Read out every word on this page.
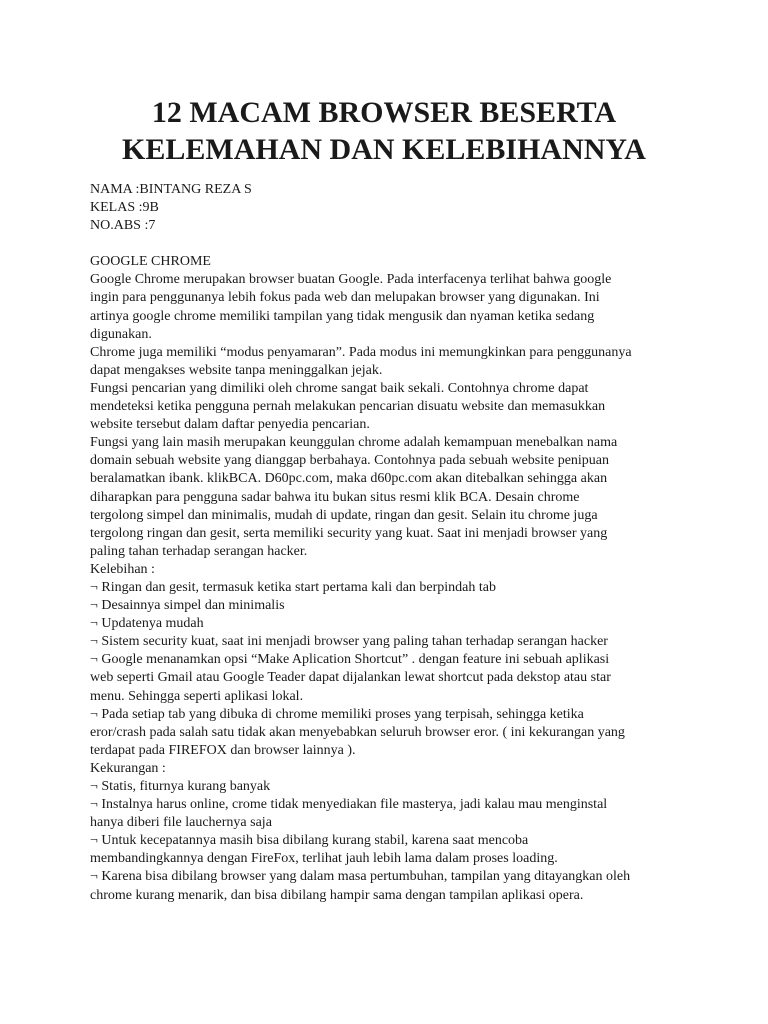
12 MACAM BROWSER BESERTA
KELEMAHAN DAN KELEBIHANNYA
NAMA :BINTANG REZA S
KELAS :9B
NO.ABS :7
GOOGLE CHROME
Google Chrome merupakan browser buatan Google. Pada interfacenya terlihat bahwa google
ingin para penggunanya lebih fokus pada web dan melupakan browser yang digunakan. Ini
artinya google chrome memiliki tampilan yang tidak mengusik dan nyaman ketika sedang
digunakan.
Chrome juga memiliki “modus penyamaran”. Pada modus ini memungkinkan para penggunanya
dapat mengakses website tanpa meninggalkan jejak.
Fungsi pencarian yang dimiliki oleh chrome sangat baik sekali. Contohnya chrome dapat
mendeteksi ketika pengguna pernah melakukan pencarian disuatu website dan memasukkan
website tersebut dalam daftar penyedia pencarian.
Fungsi yang lain masih merupakan keunggulan chrome adalah kemampuan menebalkan nama
domain sebuah website yang dianggap berbahaya. Contohnya pada sebuah website penipuan
beralamatkan ibank. klikBCA. D60pc.com, maka d60pc.com akan ditebalkan sehingga akan
diharapkan para pengguna sadar bahwa itu bukan situs resmi klik BCA. Desain chrome
tergolong simpel dan minimalis, mudah di update, ringan dan gesit. Selain itu chrome juga
tergolong ringan dan gesit, serta memiliki security yang kuat. Saat ini menjadi browser yang
paling tahan terhadap serangan hacker.
Kelebihan :
¬ Ringan dan gesit, termasuk ketika start pertama kali dan berpindah tab
¬ Desainnya simpel dan minimalis
¬ Updatenya mudah
¬ Sistem security kuat, saat ini menjadi browser yang paling tahan terhadap serangan hacker
¬ Google menanamkan opsi “Make Aplication Shortcut” . dengan feature ini sebuah aplikasi
web seperti Gmail atau Google Teader dapat dijalankan lewat shortcut pada dekstop atau star
menu. Sehingga seperti aplikasi lokal.
¬ Pada setiap tab yang dibuka di chrome memiliki proses yang terpisah, sehingga ketika
eror/crash pada salah satu tidak akan menyebabkan seluruh browser eror. ( ini kekurangan yang
terdapat pada FIREFOX dan browser lainnya ).
Kekurangan :
¬ Statis, fiturnya kurang banyak
¬ Instalnya harus online, crome tidak menyediakan file masterya, jadi kalau mau menginstal
hanya diberi file lauchernya saja
¬ Untuk kecepatannya masih bisa dibilang kurang stabil, karena saat mencoba
membandingkannya dengan FireFox, terlihat jauh lebih lama dalam proses loading.
¬ Karena bisa dibilang browser yang dalam masa pertumbuhan, tampilan yang ditayangkan oleh
chrome kurang menarik, dan bisa dibilang hampir sama dengan tampilan aplikasi opera.
